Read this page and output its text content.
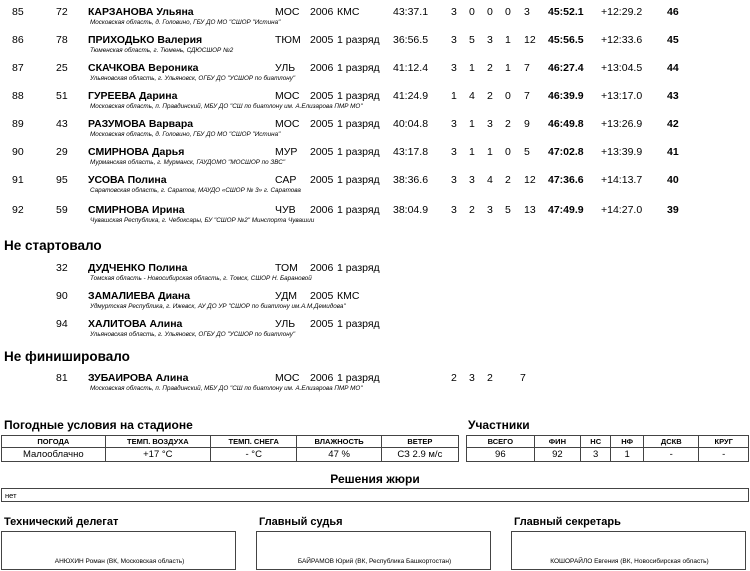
85	72 КАРЗАНОВА Ульяна	МОС 2006 КМС	43:37.1 3 0 0 0 3	45:52.1 +12:29.2 46
Московская область, д. Головино, ГБУ ДО МО "СШОР "Истина"
86	78 ПРИХОДЬКО Валерия	ТЮМ 2005 1 разряд 36:56.5 3 5 3 1 12	45:56.5 +12:33.6 45
Тюменская область, г. Тюмень, СДЮСШОР №2
87	25 СКАЧКОВА Вероника	УЛЬ 2006 1 разряд 41:12.4 3 1 2 1 7	46:27.4 +13:04.5 44
Ульяновская область, г. Ульяновск, ОГБУ ДО "УСШОР по биатлону"
88	51 ГУРЕЕВА Дарина	МОС 2005 1 разряд 41:24.9 1 4 2 0 7	46:39.9 +13:17.0 43
Московская область, п. Правдинский, МБУ ДО "СШ по биатлону им. А.Елизарова ПМР МО"
89	43 РАЗУМОВА Варвара	МОС 2005 1 разряд 40:04.8 3 1 3 2 9	46:49.8 +13:26.9 42
Московская область, д. Головино, ГБУ ДО МО "СШОР "Истина"
90	29 СМИРНОВА Дарья	МУР 2005 1 разряд 43:17.8 3 1 1 0 5	47:02.8 +13:39.9 41
Мурманская область, г. Мурманск, ГАУДОМО "МОСШОР по ЗВС"
91	95 УСОВА Полина	САР 2005 1 разряд 38:36.6 3 3 4 2 12	47:36.6 +14:13.7 40
Саратовская область, г. Саратов, МАУДО «СШОР № 3» г. Саратова
92	59 СМИРНОВА Ирина	ЧУВ 2006 1 разряд 38:04.9 3 2 3 5 13	47:49.9 +14:27.0 39
Чувашская Республика, г. Чебоксары, БУ "СШОР №2" Минспорта Чувашии
Не стартовало
32 ДУДЧЕНКО Полина	ТОМ 2006 1 разряд
Томская область - Новосибирская область, г. Томск, СШОР Н. Барановой
90 ЗАМАЛИЕВА Диана	УДМ 2005 КМС
Удмуртская Республика, г. Ижевск, АУ ДО УР "СШОР по биатлону им.А.М.Демидова"
94 ХАЛИТОВА Алина	УЛЬ 2005 1 разряд
Ульяновская область, г. Ульяновск, ОГБУ ДО "УСШОР по биатлону"
Не финишировало
81 ЗУБАИРОВА Алина	МОС 2006 1 разряд	2 3 2	7
Московская область, п. Правдинский, МБУ ДО "СШ по биатлону им. А.Елизарова ПМР МО"
Погодные условия на стадионе
ПОГОДА	ТЕМП. ВОЗДУХА	ТЕМП. СНЕГА	ВЛАЖНОСТЬ	ВЕТЕР
Малооблачно	+17 °C	- °C	47 %	СЗ 2.9 м/с
Участники
ВСЕГО	ФИН	НС	НФ	ДСКВ	КРУГ
96	92	3	1	-	-
Решения жюри
нет
Технический делегат
АНЮХИН Роман (ВК, Московская область)
Главный судья
БАЙРАМОВ Юрий (ВК, Республика Башкортостан)
Главный секретарь
КОШОРАЙЛО Евгения (ВК, Новосибирская область)
